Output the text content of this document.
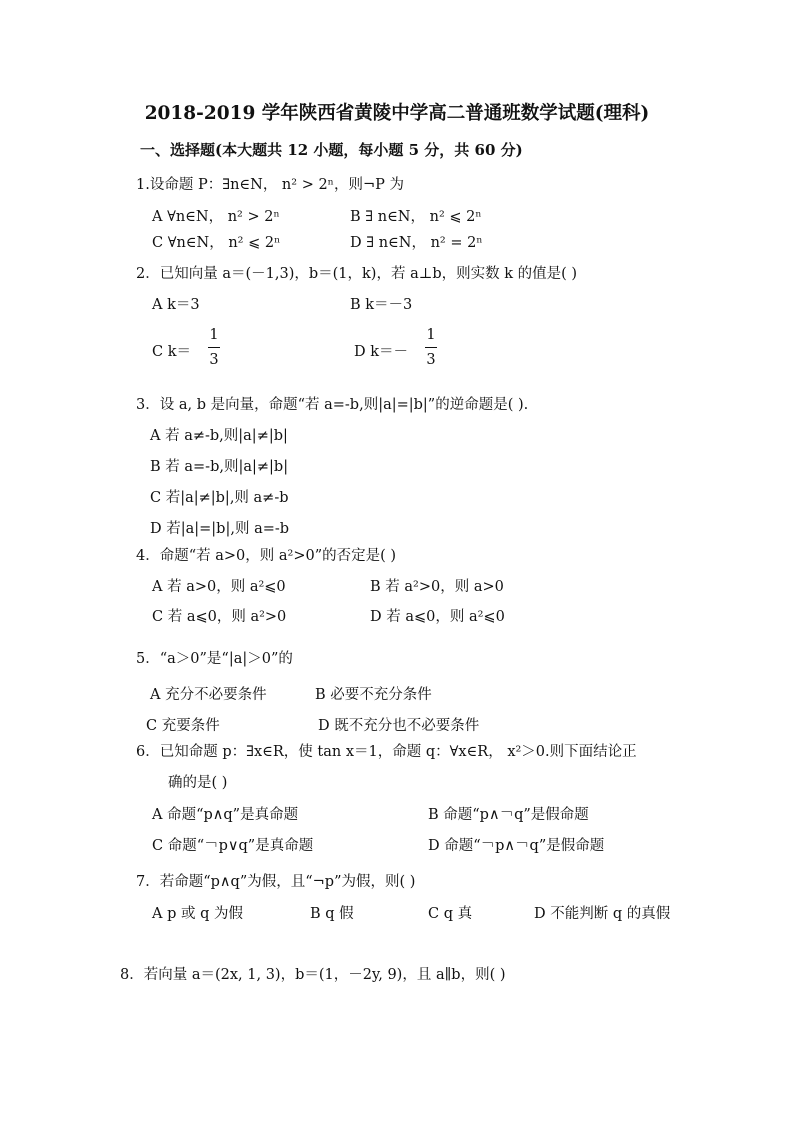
2018-2019 学年陕西省黄陵中学高二普通班数学试题(理科)
一、选择题(本大题共 12 小题，每小题 5 分，共 60 分)
1.设命题 P：∃n∈N， n² > 2ⁿ，则¬P 为
A ∀n∈N， n² > 2ⁿ	B ∃ n∈N， n² ⩽ 2ⁿ
C ∀n∈N， n² ⩽ 2ⁿ	D ∃ n∈N， n² = 2ⁿ
2．已知向量 a＝(－1,3)，b＝(1，k)，若 a⊥b，则实数 k 的值是( )
A k＝3	B k＝－3
C k＝
1
3	D k＝－
1
3
3．设 a, b 是向量，命题“若 a=-b,则|a|=|b|”的逆命题是( ).
A 若 a≠-b,则|a|≠|b|
B 若 a=-b,则|a|≠|b|
C 若|a|≠|b|,则 a≠-b
D 若|a|=|b|,则 a=-b
4．命题“若 a>0，则 a²>0”的否定是( )
A 若 a>0，则 a²⩽0	B 若 a²>0，则 a>0
C 若 a⩽0，则 a²>0	D 若 a⩽0，则 a²⩽0
5．“a＞0”是“|a|＞0”的
A 充分不必要条件	B 必要不充分条件
C 充要条件	D 既不充分也不必要条件
6．已知命题 p：∃x∈R，使 tan x＝1，命题 q：∀x∈R， x²＞0.则下面结论正
确的是( )
A 命题“p∧q”是真命题	B 命题“p∧￢q”是假命题
C 命题“￢p∨q”是真命题	D 命题“￢p∧￢q”是假命题
7．若命题“p∧q”为假，且“¬p”为假，则( )
A p 或 q 为假	B q 假	C q 真	D 不能判断 q 的真假
8．若向量 a＝(2x, 1, 3)，b＝(1，－2y, 9)，且 a∥b，则( )
